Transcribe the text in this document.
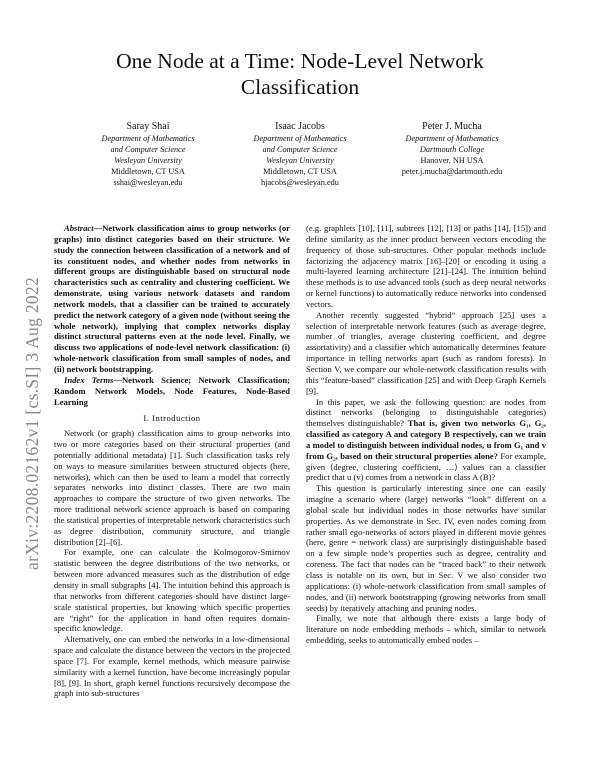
One Node at a Time: Node-Level Network
Classification
Saray Shai
Department of Mathematics
and Computer Science
Wesleyan University
Middletown, CT USA
sshai@wesleyan.edu
Isaac Jacobs
Department of Mathematics
and Computer Science
Wesleyan University
Middletown, CT USA
hjacobs@wesleyan.edu
Peter J. Mucha
Department of Mathematics
Dartmouth College
Hanover, NH USA
peter.j.mucha@dartmouth.edu
arXiv:2208.02162v1 [cs.SI] 3 Aug 2022

Abstract—Network classification aims to group networks (or graphs) into distinct categories based on their structure. We study the connection between classification of a network and of its constituent nodes, and whether nodes from networks in different groups are distinguishable based on structural node characteristics such as centrality and clustering coefficient. We demonstrate, using various network datasets and random network models, that a classifier can be trained to accurately predict the network category of a given node (without seeing the whole network), implying that complex networks display distinct structural patterns even at the node level. Finally, we discuss two applications of node-level network classification: (i) whole-network classification from small samples of nodes, and (ii) network bootstrapping.

Index Terms—Network Science; Network Classification; Random Network Models, Node Features, Node-Based Learning

I. Introduction

Network (or graph) classification aims to group networks into two or more categories based on their structural properties (and potentially additional metadata) [1]. Such classification tasks rely on ways to measure similarities between structured objects (here, networks), which can then be used to learn a model that correctly separates networks into distinct classes. There are two main approaches to compare the structure of two given networks. The more traditional network science approach is based on comparing the statistical properties of interpretable network characteristics such as degree distribution, community structure, and triangle distribution [2]–[6].

For example, one can calculate the Kolmogorov-Smirnov statistic between the degree distributions of the two networks, or between more advanced measures such as the distribution of edge density in small subgraphs [4]. The intuition behind this approach is that networks from different categories should have distinct large-scale statistical properties, but knowing which specific properties are “right” for the application in hand often requires domain-specific knowledge.

Alternatively, one can embed the networks in a low-dimensional space and calculate the distance between the vectors in the projected space [7]. For example, kernel methods, which measure pairwise similarity with a kernel function, have become increasingly popular [8], [9]. In short, graph kernel functions recursively decompose the graph into sub-structures

(e.g. graphlets [10], [11], subtrees [12], [13] or paths [14], [15]) and define similarity as the inner product between vectors encoding the frequency of those sub-structures. Other popular methods include factorizing the adjacency matrix [16]–[20] or encoding it using a multi-layered learning architecture [21]–[24]. The intuition behind these methods is to use advanced tools (such as deep neural networks or kernel functions) to automatically reduce networks into condensed vectors.

Another recently suggested “hybrid” approach [25] uses a selection of interpretable network features (such as average degree, number of triangles, average clustering coefficient, and degree assortativity) and a classifier which automatically determines feature importance in telling networks apart (such as random forests). In Section V, we compare our whole-network classification results with this “feature-based” classification [25] and with Deep Graph Kernels [9].

In this paper, we ask the following question: are nodes from distinct networks (belonging to distinguishable categories) themselves distinguishable? That is, given two networks G₁, G₂, classified as category A and category B respectively, can we train a model to distinguish between individual nodes, u from G₁ and v from G₂, based on their structural properties alone? For example, given ⟨degree, clustering coefficient, …⟩ values can a classifier predict that u (v) comes from a network in class A (B)?

This question is particularly interesting since one can easily imagine a scenario where (large) networks “look” different on a global scale but individual nodes in those networks have similar properties. As we demonstrate in Sec. IV, even nodes coming from rather small ego-networks of actors played in different movie genres (here, genre = network class) are surprisingly distinguishable based on a few simple node’s properties such as degree, centrality and coreness. The fact that nodes can be “traced back” to their network class is notable on its own, but in Sec. V we also consider two applications: (i) whole-network classification from small samples of nodes, and (ii) network bootstrapping (growing networks from small seeds) by iteratively attaching and pruning nodes.

Finally, we note that although there exists a large body of literature on node embedding methods – which, similar to network embedding, seeks to automatically embed nodes –
